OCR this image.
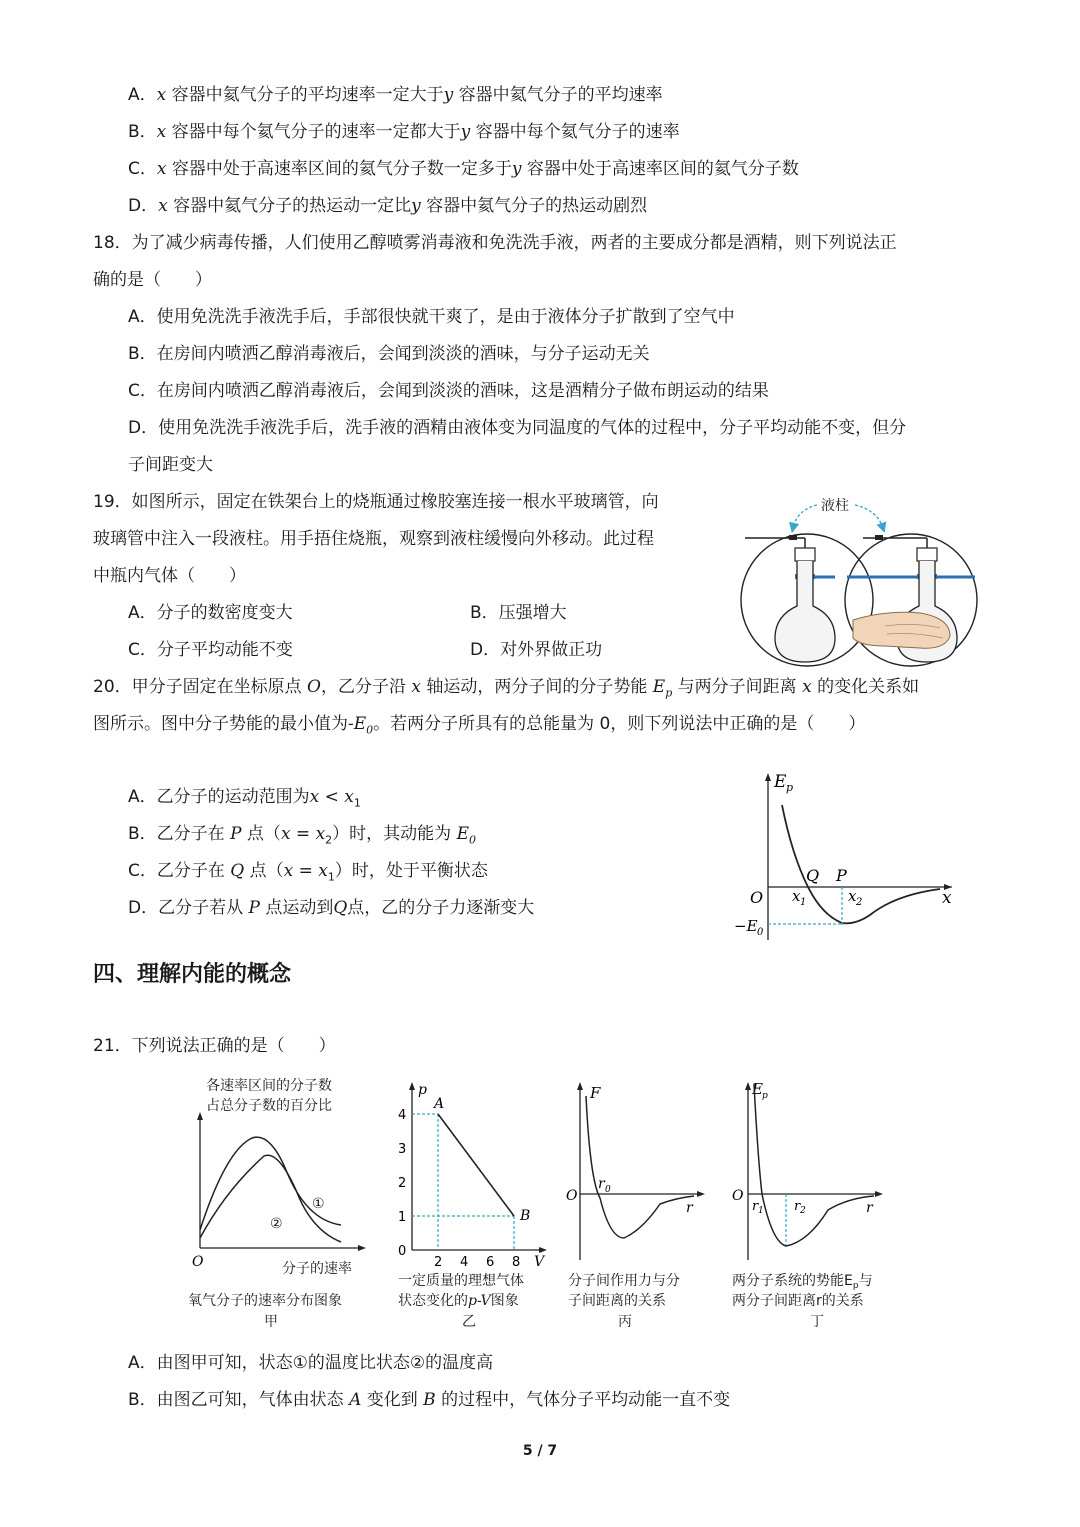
A．x 容器中氦气分子的平均速率一定大于y 容器中氦气分子的平均速率
B．x 容器中每个氦气分子的速率一定都大于y 容器中每个氦气分子的速率
C．x 容器中处于高速率区间的氦气分子数一定多于y 容器中处于高速率区间的氦气分子数
D．x 容器中氦气分子的热运动一定比y 容器中氦气分子的热运动剧烈
18．为了减少病毒传播，人们使用乙醇喷雾消毒液和免洗洗手液，两者的主要成分都是酒精，则下列说法正
确的是（　　）
A．使用免洗洗手液洗手后，手部很快就干爽了，是由于液体分子扩散到了空气中
B．在房间内喷洒乙醇消毒液后，会闻到淡淡的酒味，与分子运动无关
C．在房间内喷洒乙醇消毒液后，会闻到淡淡的酒味，这是酒精分子做布朗运动的结果
D．使用免洗洗手液洗手后，洗手液的酒精由液体变为同温度的气体的过程中，分子平均动能不变，但分
子间距变大
19．如图所示，固定在铁架台上的烧瓶通过橡胶塞连接一根水平玻璃管，向
玻璃管中注入一段液柱。用手捂住烧瓶，观察到液柱缓慢向外移动。此过程
中瓶内气体（　　）
A．分子的数密度变大	B．压强增大
C．分子平均动能不变	D．对外界做正功
液柱
20．甲分子固定在坐标原点 O，乙分子沿 x 轴运动，两分子间的分子势能 $E_p$ 与两分子间距离 x 的变化关系如
图所示。图中分子势能的最小值为$-E_0$。若两分子所具有的总能量为 0，则下列说法中正确的是（　　）
A．乙分子的运动范围为$x < x_1$
B．乙分子在 P 点$(x = x_2)$时，其动能为 $E_0$
C．乙分子在 Q 点$(x = x_1)$时，处于平衡状态
D．乙分子若从 P 点运动到Q点，乙的分子力逐渐变大
E p
x
O
Q P
x 1	x 2
−E 0
四、理解内能的概念
21．下列说法正确的是（　　）
各速率区间的分子数
占总分子数的百分比
①
②
O	分子的速率
氧气分子的速率分布图象
甲
p
V
A
B
0
1
2
3
4
2 4 6 8
一定质量的理想气体
状态变化的p-V图象
乙
F
O
r 0
r
分子间作用力与分
子间距离的关系
丙
E p
O
r 1 r 2	r
两分子系统的势能$E_p$与
两分子间距离r的关系
丁
A．由图甲可知，状态①的温度比状态②的温度高
B．由图乙可知，气体由状态 A 变化到 B 的过程中，气体分子平均动能一直不变
5 / 7
